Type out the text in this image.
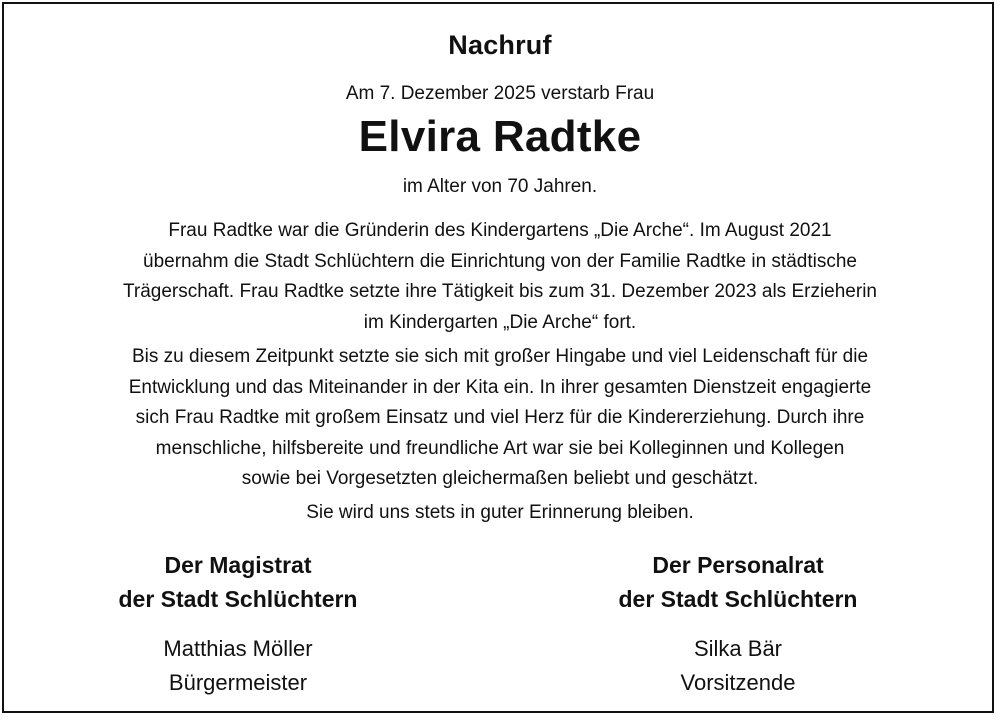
Nachruf
Am 7. Dezember 2025 verstarb Frau
Elvira Radtke
im Alter von 70 Jahren.
Frau Radtke war die Gründerin des Kindergartens „Die Arche“. Im August 2021
übernahm die Stadt Schlüchtern die Einrichtung von der Familie Radtke in städtische
Trägerschaft. Frau Radtke setzte ihre Tätigkeit bis zum 31. Dezember 2023 als Erzieherin
im Kindergarten „Die Arche“ fort.
Bis zu diesem Zeitpunkt setzte sie sich mit großer Hingabe und viel Leidenschaft für die
Entwicklung und das Miteinander in der Kita ein. In ihrer gesamten Dienstzeit engagierte
sich Frau Radtke mit großem Einsatz und viel Herz für die Kindererziehung. Durch ihre
menschliche, hilfsbereite und freundliche Art war sie bei Kolleginnen und Kollegen
sowie bei Vorgesetzten gleichermaßen beliebt und geschätzt.
Sie wird uns stets in guter Erinnerung bleiben.
Der Magistrat
der Stadt Schlüchtern
Matthias Möller
Bürgermeister
Der Personalrat
der Stadt Schlüchtern
Silka Bär
Vorsitzende
